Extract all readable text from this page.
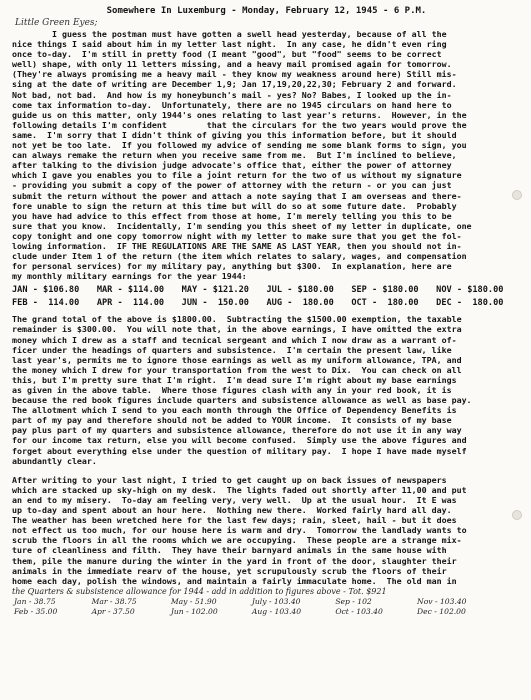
Somewhere In Luxemburg - Monday, February 12, 1945 - 6 P.M.
Little Green Eyes;
I guess the postman must have gotten a swell head yesterday, because of all the
nice things I said about him in my letter last night.  In any case, he didn't even ring
once to-day.  I'm still in pretty food (I meant "good", but "food" seems to be correct
well) shape, with only 11 letters missing, and a heavy mail promised again for tomorrow.
(They're always promising me a heavy mail - they know my weakness around here) Still mis-
sing at the date of writing are December 1,9; Jan 17,19,20,22,30; February 2 and forward.
Not bad, not bad.  And how is my honeybunch's mail - yes? No? Babes, I looked up the in-
come tax information to-day.  Unfortunately, there are no 1945 circulars on hand here to
guide us on this matter, only 1944's ones relating to last year's returns.  However, in the
following details I'm confident        that the circulars for the two years would prove the
same.  I'm sorry that I didn't think of giving you this information before, but it should
not yet be too late.  If you followed my advice of sending me some blank forms to sign, you
can always remake the return when you receive same from me.  But I'm inclined to believe,
after talking to the division judge advocate's office that, either the power of attorney
which I gave you enables you to file a joint return for the two of us without my signature
- providing you submit a copy of the power of attorney with the return - or you can just
submit the return without the power and attach a note saying that I am overseas and there-
fore unable to sign the return at this time but will do so at some future date.  Probably
you have had advice to this effect from those at home, I'm merely telling you this to be
sure that you know.  Incidentally, I'm sending you this sheet of my letter in duplicate, one
copy tonight and one copy tomorrow night with my letter to make sure that you get the fol-
lowing information.  IF THE REGULATIONS ARE THE SAME AS LAST YEAR, then you should not in-
clude under Item 1 of the return (the item which relates to salary, wages, and compensation
for personal services) for my military pay, anything but $300.  In explanation, here are
my monthly military earnings for the year 1944:
JAN - $106.80	MAR - $114.00	MAY - $121.20	JUL - $180.00	SEP - $180.00	NOV - $180.00
FEB -  114.00	APR -  114.00	JUN -  150.00	AUG -  180.00	OCT -  180.00	DEC -  180.00
The grand total of the above is $1800.00.  Subtracting the $1500.00 exemption, the taxable
remainder is $300.00.  You will note that, in the above earnings, I have omitted the extra
money which I drew as a staff and tecnical sergeant and which I now draw as a warrant of-
ficer under the headings of quarters and subsistence.  I'm certain the present law, like
last year's, permits me to ignore those earnings as well as my uniform allowance, TPA, and
the money which I drew for your transportation from the west to Dix.  You can check on all
this, but I'm pretty sure that I'm right.  I'm dead sure I'm right about my base earnings
as given in the above table.  Where those figures clash with any in your red book, it is
because the red book figures include quarters and subsistence allowance as well as base pay.
The allotment which I send to you each month through the Office of Dependency Benefits is
part of my pay and therefore should not be added to YOUR income.  It consists of my base
pay plus part of my quarters and subsistence allowance, therefore do not use it in any way
for our income tax return, else you will become confused.  Simply use the above figures and
forget about everything else under the question of military pay.  I hope I have made myself
abundantly clear.
After writing to your last night, I tried to get caught up on back issues of newspapers
which are stacked up sky-high on my desk.  The lights faded out shortly after 11,00 and put
an end to my misery.  To-day am feeling very, very well.  Up at the usual hour.  It E was
up to-day and spent about an hour here.  Nothing new there.  Worked fairly hard all day.
The weather has been wretched here for the last few days; rain, sleet, hail - but it does
not effect us too much, for our house here is warm and dry.  Tomorrow the landlady wants to
scrub the floors in all the rooms which we are occupying.  These people are a strange mix-
ture of cleanliness and filth.  They have their barnyard animals in the same house with
them, pile the manure during the winter in the yard in front of the door, slaughter their
animals in the immediate rearv of the house, yet scrupulously scrub the floors of their
home each day, polish the windows, and maintain a fairly immaculate home.  The old man in
the Quarters & subsistence allowance for 1944 - add in addition to figures above - Tot. $921
Jan - 38.75	Mar - 38.75	May - 51.90	July - 103.40	Sep - 102	Nov - 103.40
Feb - 35.00	Apr - 37.50	Jun - 102.00	Aug - 103.40	Oct - 103.40	Dec - 102.00
